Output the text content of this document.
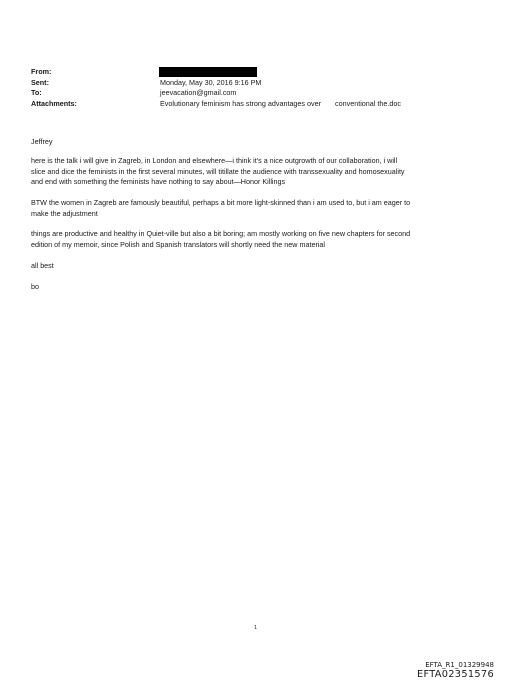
From:
Sent:	Monday, May 30, 2016 9:16 PM
To:	jeevacation@gmail.com
Attachments:	Evolutionary feminism has strong advantages over conventional the.doc

Jeffrey

here is the talk i will give in Zagreb, in London and elsewhere—i think it's a nice outgrowth of our collaboration, i will
slice and dice the feminists in the first several minutes, will titillate the audience with transsexuality and homosexuality
and end with something the feminists have nothing to say about—Honor Killings

BTW the women in Zagreb are famously beautiful, perhaps a bit more light-skinned than i am used to, but i am eager to
make the adjustment

things are productive and healthy in Quiet-ville but also a bit boring; am mostly working on five new chapters for second
edition of my memoir, since Polish and Spanish translators will shortly need the new material

all best

bo

1
EFTA_R1_01329948
EFTA02351576
